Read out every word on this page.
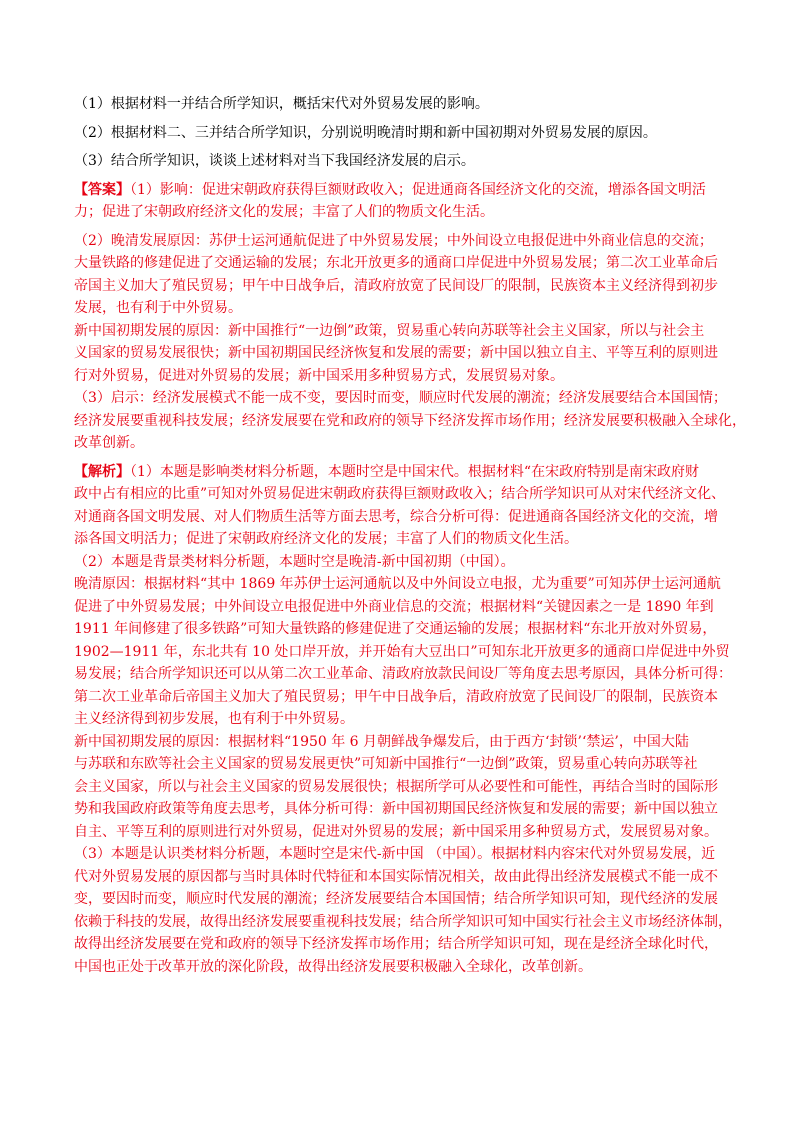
（1）根据材料一并结合所学知识，概括宋代对外贸易发展的影响。
（2）根据材料二、三并结合所学知识，分别说明晚清时期和新中国初期对外贸易发展的原因。
（3）结合所学知识，谈谈上述材料对当下我国经济发展的启示。
【答案】（1）影响：促进宋朝政府获得巨额财政收入；促进通商各国经济文化的交流，增添各国文明活
力；促进了宋朝政府经济文化的发展；丰富了人们的物质文化生活。
（2）晚清发展原因：苏伊士运河通航促进了中外贸易发展；中外间设立电报促进中外商业信息的交流；
大量铁路的修建促进了交通运输的发展；东北开放更多的通商口岸促进中外贸易发展；第二次工业革命后
帝国主义加大了殖民贸易；甲午中日战争后，清政府放宽了民间设厂的限制，民族资本主义经济得到初步
发展，也有利于中外贸易。
新中国初期发展的原因：新中国推行“一边倒”政策，贸易重心转向苏联等社会主义国家，所以与社会主
义国家的贸易发展很快；新中国初期国民经济恢复和发展的需要；新中国以独立自主、平等互利的原则进
行对外贸易，促进对外贸易的发展；新中国采用多种贸易方式，发展贸易对象。
（3）启示：经济发展模式不能一成不变，要因时而变，顺应时代发展的潮流；经济发展要结合本国国情；
经济发展要重视科技发展；经济发展要在党和政府的领导下经济发挥市场作用；经济发展要积极融入全球化，
改革创新。
【解析】（1）本题是影响类材料分析题，本题时空是中国宋代。根据材料“在宋政府特别是南宋政府财
政中占有相应的比重”可知对外贸易促进宋朝政府获得巨额财政收入；结合所学知识可从对宋代经济文化、
对通商各国文明发展、对人们物质生活等方面去思考，综合分析可得：促进通商各国经济文化的交流，增
添各国文明活力；促进了宋朝政府经济文化的发展；丰富了人们的物质文化生活。
（2）本题是背景类材料分析题，本题时空是晚清-新中国初期（中国）。
晚清原因：根据材料“其中 1869 年苏伊士运河通航以及中外间设立电报，尤为重要”可知苏伊士运河通航
促进了中外贸易发展；中外间设立电报促进中外商业信息的交流；根据材料“关键因素之一是 1890 年到
1911 年间修建了很多铁路”可知大量铁路的修建促进了交通运输的发展；根据材料“东北开放对外贸易，
1902—1911 年，东北共有 10 处口岸开放，并开始有大豆出口”可知东北开放更多的通商口岸促进中外贸
易发展；结合所学知识还可以从第二次工业革命、清政府放款民间设厂等角度去思考原因，具体分析可得：
第二次工业革命后帝国主义加大了殖民贸易；甲午中日战争后，清政府放宽了民间设厂的限制，民族资本
主义经济得到初步发展，也有利于中外贸易。
新中国初期发展的原因：根据材料“1950 年 6 月朝鲜战争爆发后，由于西方‘封锁’‘禁运’，中国大陆
与苏联和东欧等社会主义国家的贸易发展更快”可知新中国推行“一边倒”政策，贸易重心转向苏联等社
会主义国家，所以与社会主义国家的贸易发展很快；根据所学可从必要性和可能性，再结合当时的国际形
势和我国政府政策等角度去思考，具体分析可得：新中国初期国民经济恢复和发展的需要；新中国以独立
自主、平等互利的原则进行对外贸易，促进对外贸易的发展；新中国采用多种贸易方式，发展贸易对象。
（3）本题是认识类材料分析题，本题时空是宋代-新中国 （中国）。根据材料内容宋代对外贸易发展，近
代对外贸易发展的原因都与当时具体时代特征和本国实际情况相关，故由此得出经济发展模式不能一成不
变，要因时而变，顺应时代发展的潮流；经济发展要结合本国国情；结合所学知识可知，现代经济的发展
依赖于科技的发展，故得出经济发展要重视科技发展；结合所学知识可知中国实行社会主义市场经济体制，
故得出经济发展要在党和政府的领导下经济发挥市场作用；结合所学知识可知，现在是经济全球化时代，
中国也正处于改革开放的深化阶段，故得出经济发展要积极融入全球化，改革创新。
